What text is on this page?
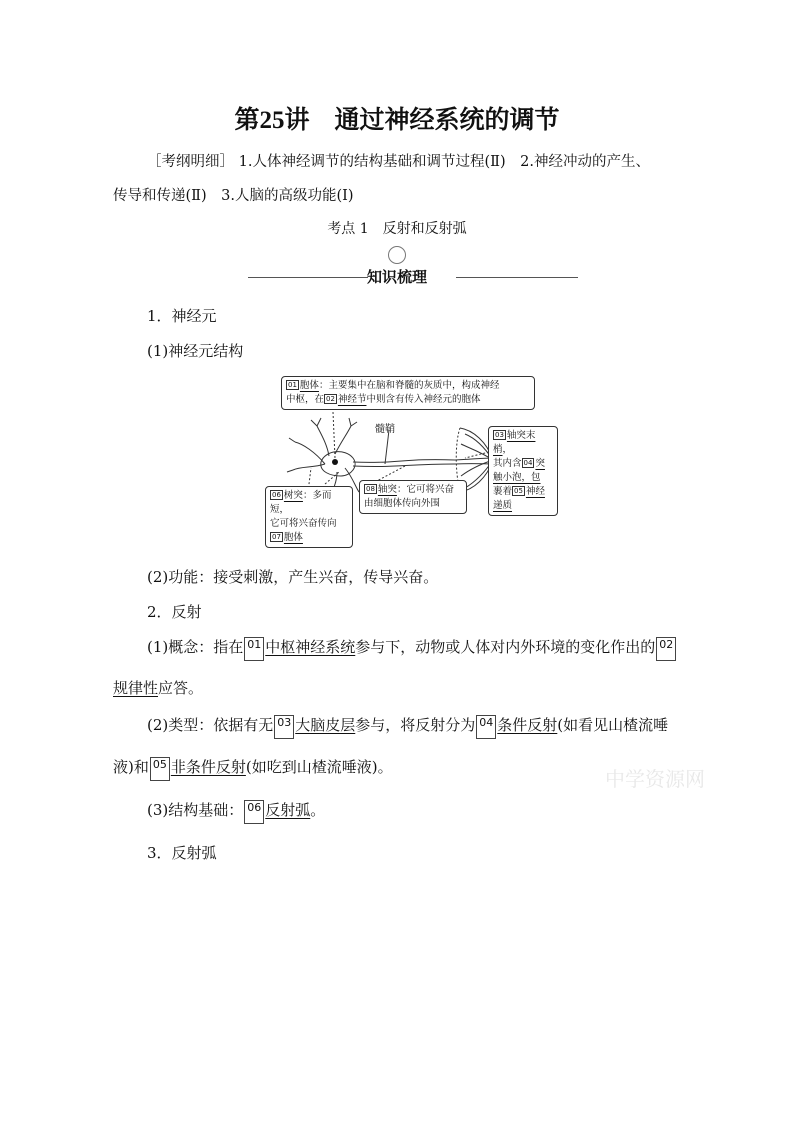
第25讲　通过神经系统的调节
［考纲明细］ 1.人体神经调节的结构基础和调节过程(Ⅱ)　2.神经冲动的产生、
传导和传递(Ⅱ)　3.人脑的高级功能(Ⅰ)
考点 1　反射和反射弧
知识梳理
1．神经元
(1)神经元结构
髓鞘
01 胞体：主要集中在脑和脊髓的灰质中，构成神经
中枢，在 02 神经节中则含有传入神经元的胞体
03 轴突末梢，
其内含 04 突
触小泡，包
裹着 05 神经
递质
06 树突：多而短，
它可将兴奋传向
07 胞体
08 轴突：它可将兴奋
由细胞体传向外围
(2)功能：接受刺激，产生兴奋，传导兴奋。
2．反射
(1)概念：指在 01 中枢神经系统参与下，动物或人体对内外环境的变化作出的 02
规律性应答。
(2)类型：依据有无 03 大脑皮层参与，将反射分为 04 条件反射(如看见山楂流唾
液)和 05 非条件反射(如吃到山楂流唾液)。
(3)结构基础： 06 反射弧。
3．反射弧
中学资源网
